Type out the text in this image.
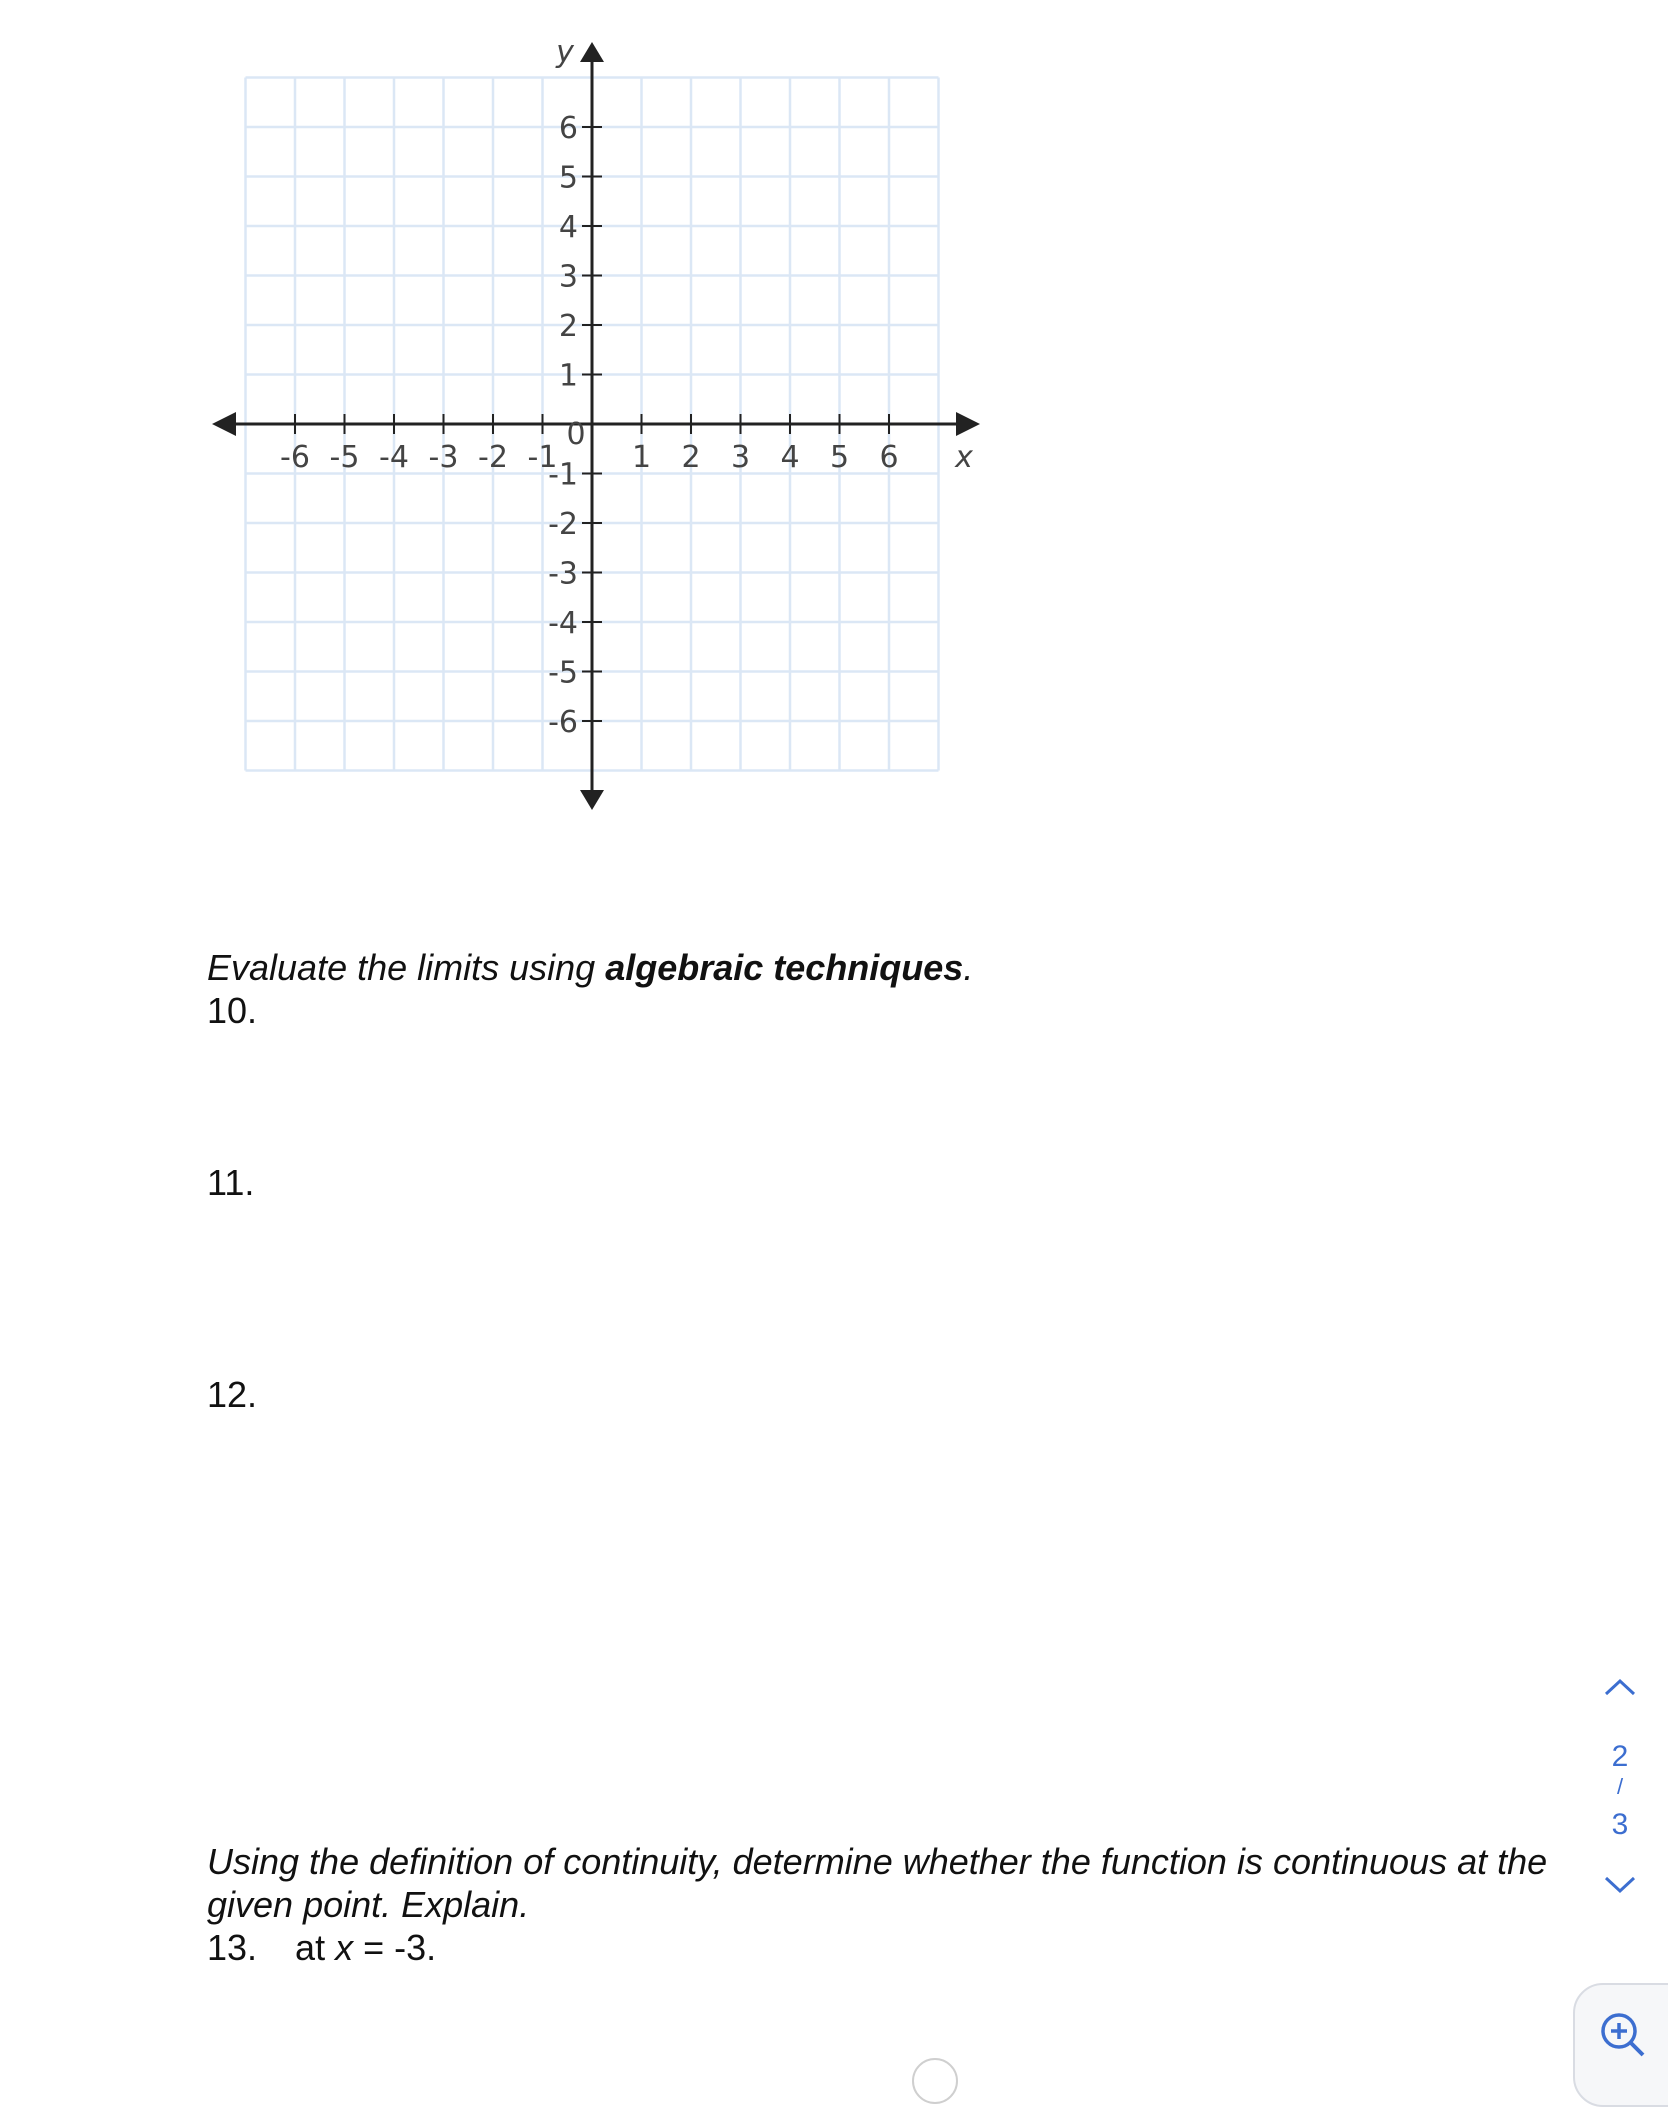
-6 -5 -4 -3 -2 -1 1 2 3 4 5 6
6
5
4
3
2
1
-1
-2
-3
-4
-5
-6
0
x
y

Evaluate the limits using algebraic techniques.

10.

11.

12.

Using the definition of continuity, determine whether the function is continuous at the given point. Explain.

13. at x = -3.

2
/
3
